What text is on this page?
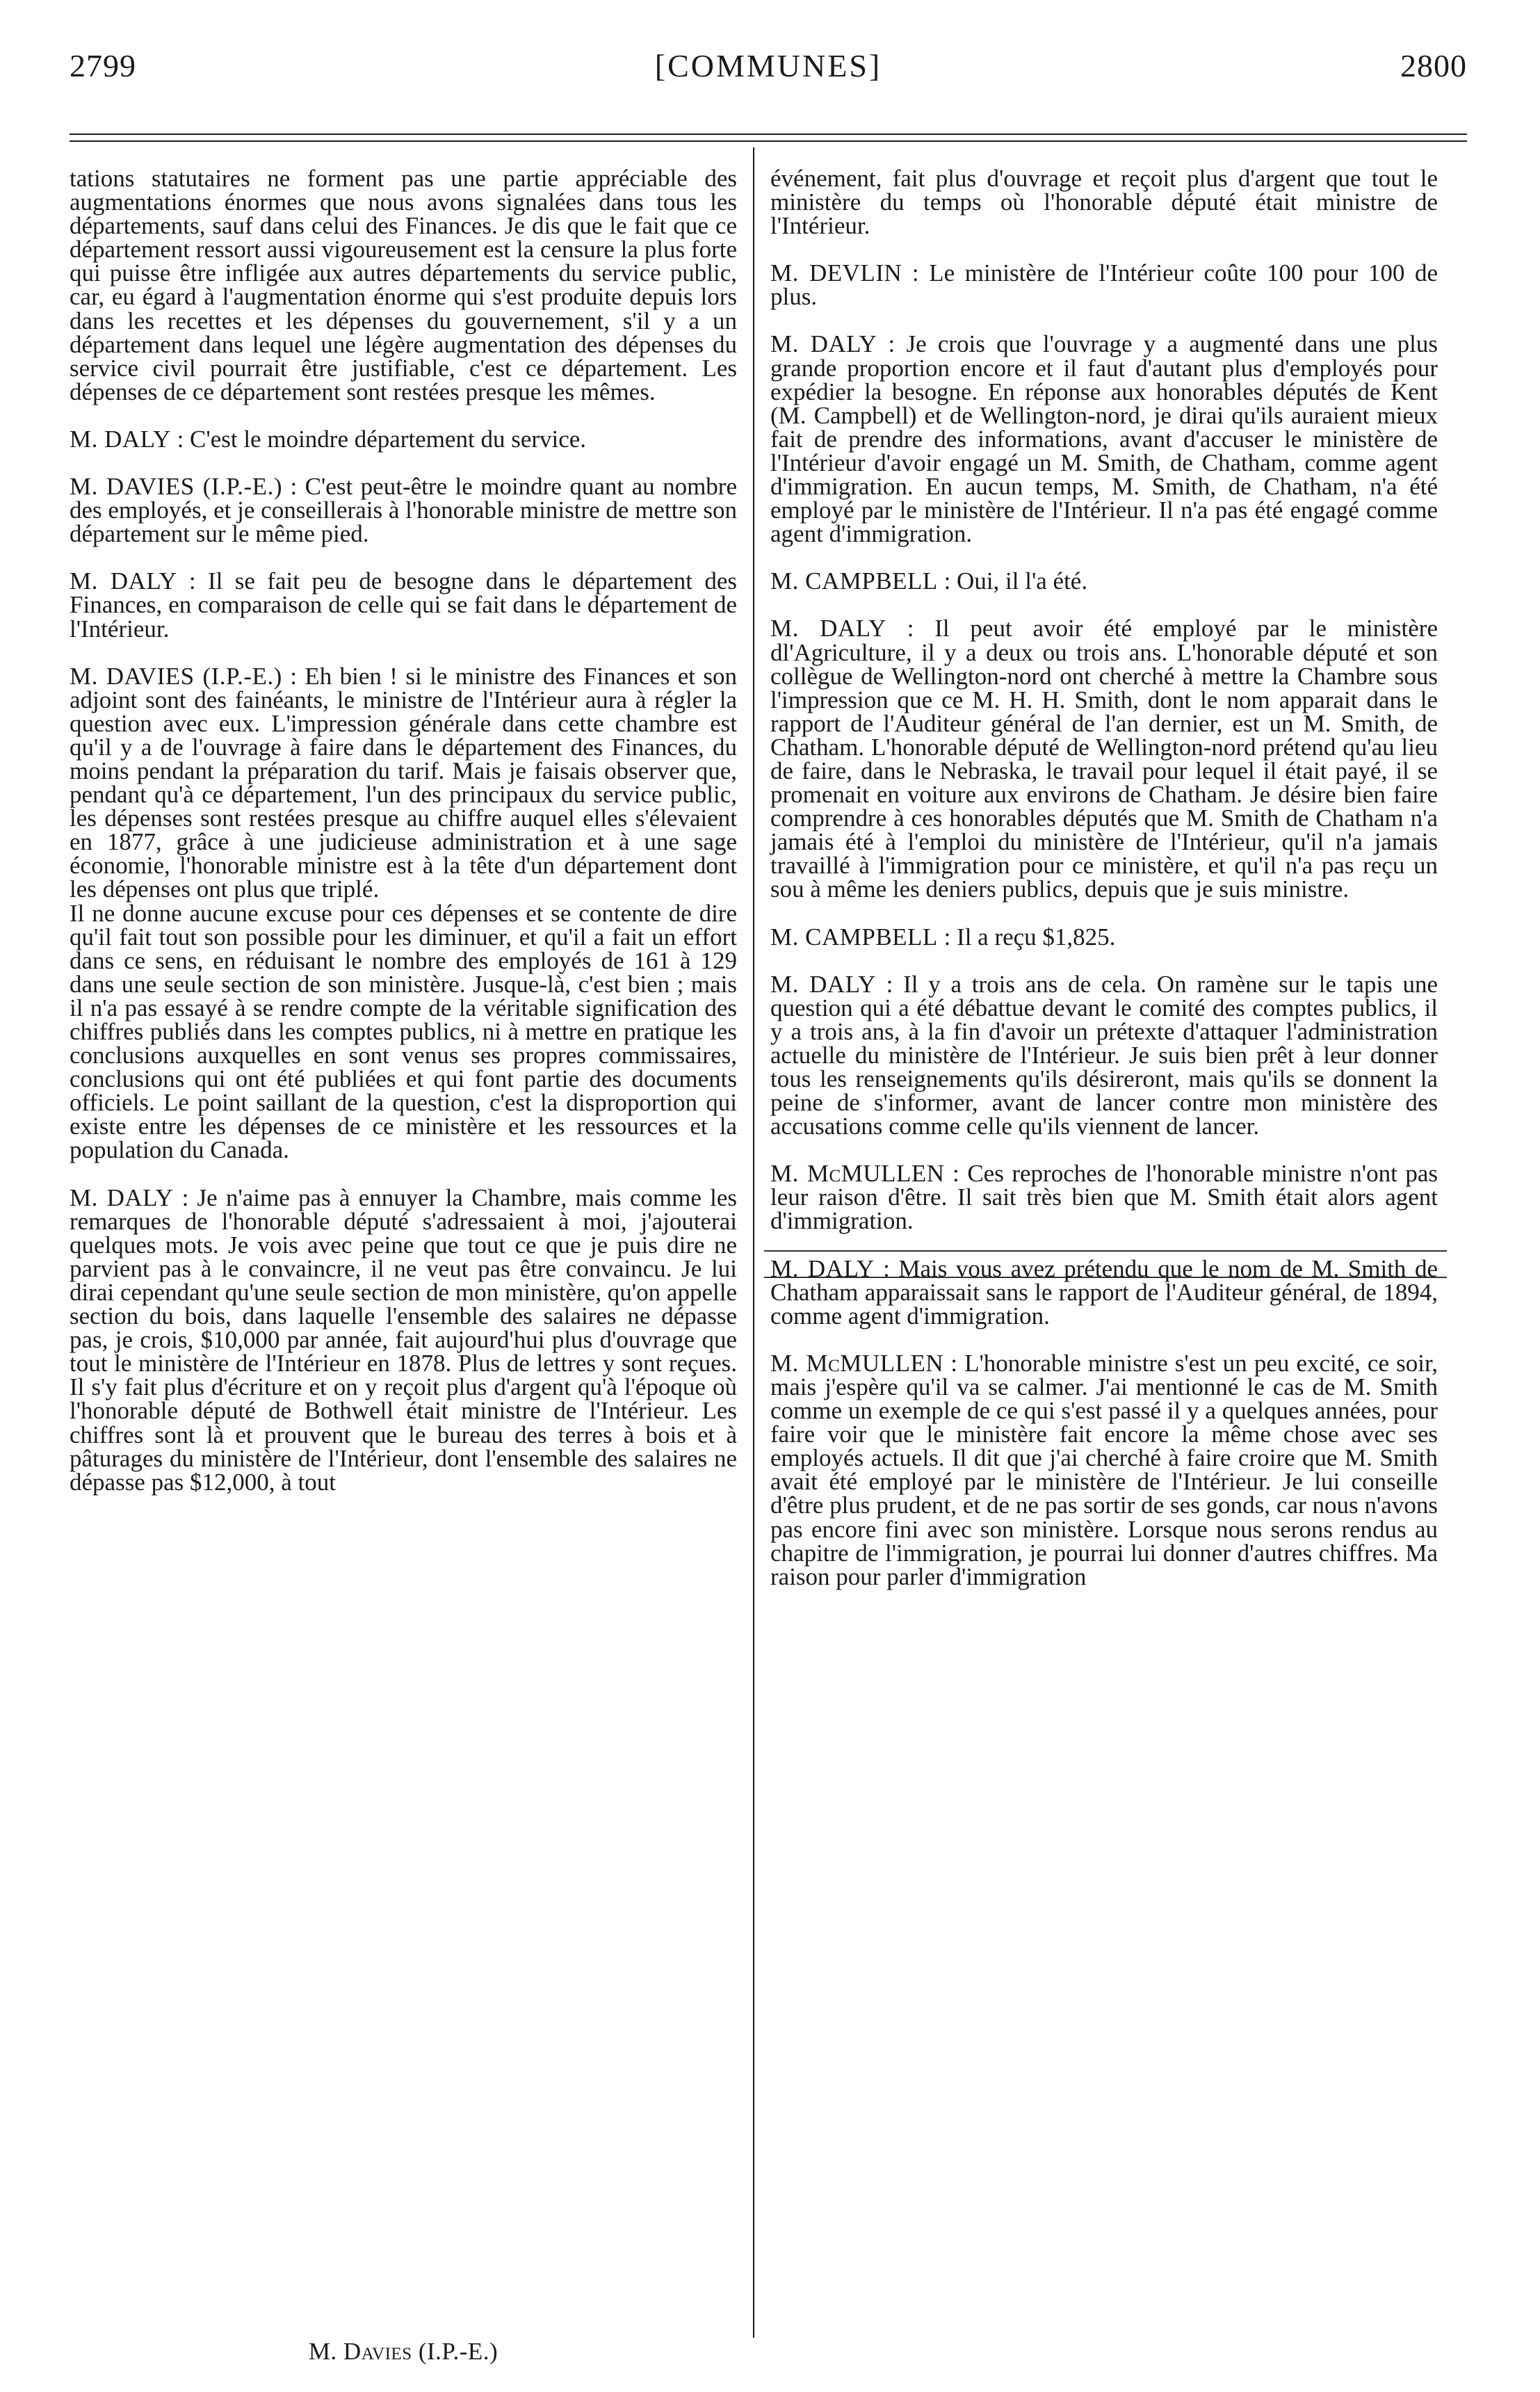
2799	[COMMUNES]	2800

tations statutaires ne forment pas une partie appréciable des augmentations énormes que nous avons signalées dans tous les départements, sauf dans celui des Finances. Je dis que le fait que ce département ressort aussi vigoureusement est la censure la plus forte qui puisse être infligée aux autres départements du service public, car, eu égard à l'augmentation énorme qui s'est produite depuis lors dans les recettes et les dépenses du gouvernement, s'il y a un département dans lequel une légère augmentation des dépenses du service civil pourrait être justifiable, c'est ce département. Les dépenses de ce département sont restées presque les mêmes.

M. DALY : C'est le moindre département du service.

M. DAVIES (I.P.-E.) : C'est peut-être le moindre quant au nombre des employés, et je conseillerais à l'honorable ministre de mettre son département sur le même pied.

M. DALY : Il se fait peu de besogne dans le département des Finances, en comparaison de celle qui se fait dans le département de l'Intérieur.

M. DAVIES (I.P.-E.) : Eh bien ! si le ministre des Finances et son adjoint sont des fainéants, le ministre de l'Intérieur aura à régler la question avec eux. L'impression générale dans cette chambre est qu'il y a de l'ouvrage à faire dans le département des Finances, du moins pendant la préparation du tarif. Mais je faisais observer que, pendant qu'à ce département, l'un des principaux du service public, les dépenses sont restées presque au chiffre auquel elles s'élevaient en 1877, grâce à une judicieuse administration et à une sage économie, l'honorable ministre est à la tête d'un département dont les dépenses ont plus que triplé.

Il ne donne aucune excuse pour ces dépenses et se contente de dire qu'il fait tout son possible pour les diminuer, et qu'il a fait un effort dans ce sens, en réduisant le nombre des employés de 161 à 129 dans une seule section de son ministère. Jusque-là, c'est bien ; mais il n'a pas essayé à se rendre compte de la véritable signification des chiffres publiés dans les comptes publics, ni à mettre en pratique les conclusions auxquelles en sont venus ses propres commissaires, conclusions qui ont été publiées et qui font partie des documents officiels. Le point saillant de la question, c'est la disproportion qui existe entre les dépenses de ce ministère et les ressources et la population du Canada.

M. DALY : Je n'aime pas à ennuyer la Chambre, mais comme les remarques de l'honorable député s'adressaient à moi, j'ajouterai quelques mots. Je vois avec peine que tout ce que je puis dire ne parvient pas à le convaincre, il ne veut pas être convaincu. Je lui dirai cependant qu'une seule section de mon ministère, qu'on appelle section du bois, dans laquelle l'ensemble des salaires ne dépasse pas, je crois, $10,000 par année, fait aujourd'hui plus d'ouvrage que tout le ministère de l'Intérieur en 1878. Plus de lettres y sont reçues. Il s'y fait plus d'écriture et on y reçoit plus d'argent qu'à l'époque où l'honorable député de Bothwell était ministre de l'Intérieur. Les chiffres sont là et prouvent que le bureau des terres à bois et à pâturages du ministère de l'Intérieur, dont l'ensemble des salaires ne dépasse pas $12,000, à tout

M. Davies (I.P.-E.)

événement, fait plus d'ouvrage et reçoit plus d'argent que tout le ministère du temps où l'honorable député était ministre de l'Intérieur.

M. DEVLIN : Le ministère de l'Intérieur coûte 100 pour 100 de plus.

M. DALY : Je crois que l'ouvrage y a augmenté dans une plus grande proportion encore et il faut d'autant plus d'employés pour expédier la besogne. En réponse aux honorables députés de Kent (M. Campbell) et de Wellington-nord, je dirai qu'ils auraient mieux fait de prendre des informations, avant d'accuser le ministère de l'Intérieur d'avoir engagé un M. Smith, de Chatham, comme agent d'immigration. En aucun temps, M. Smith, de Chatham, n'a été employé par le ministère de l'Intérieur. Il n'a pas été engagé comme agent d'immigration.

M. CAMPBELL : Oui, il l'a été.

M. DALY : Il peut avoir été employé par le ministère dl'Agriculture, il y a deux ou trois ans. L'honorable député et son collègue de Wellington-nord ont cherché à mettre la Chambre sous l'impression que ce M. H. H. Smith, dont le nom apparait dans le rapport de l'Auditeur général de l'an dernier, est un M. Smith, de Chatham. L'honorable député de Wellington-nord prétend qu'au lieu de faire, dans le Nebraska, le travail pour lequel il était payé, il se promenait en voiture aux environs de Chatham. Je désire bien faire comprendre à ces honorables députés que M. Smith de Chatham n'a jamais été à l'emploi du ministère de l'Intérieur, qu'il n'a jamais travaillé à l'immigration pour ce ministère, et qu'il n'a pas reçu un sou à même les deniers publics, depuis que je suis ministre.

M. CAMPBELL : Il a reçu $1,825.

M. DALY : Il y a trois ans de cela. On ramène sur le tapis une question qui a été débattue devant le comité des comptes publics, il y a trois ans, à la fin d'avoir un prétexte d'attaquer l'administration actuelle du ministère de l'Intérieur. Je suis bien prêt à leur donner tous les renseignements qu'ils désireront, mais qu'ils se donnent la peine de s'informer, avant de lancer contre mon ministère des accusations comme celle qu'ils viennent de lancer.

M. McMULLEN : Ces reproches de l'honorable ministre n'ont pas leur raison d'être. Il sait très bien que M. Smith était alors agent d'immigration.

M. DALY : Mais vous avez prétendu que le nom de M. Smith de Chatham apparaissait sans le rapport de l'Auditeur général, de 1894, comme agent d'immigration.

M. McMULLEN : L'honorable ministre s'est un peu excité, ce soir, mais j'espère qu'il va se calmer. J'ai mentionné le cas de M. Smith comme un exemple de ce qui s'est passé il y a quelques années, pour faire voir que le ministère fait encore la même chose avec ses employés actuels. Il dit que j'ai cherché à faire croire que M. Smith avait été employé par le ministère de l'Intérieur. Je lui conseille d'être plus prudent, et de ne pas sortir de ses gonds, car nous n'avons pas encore fini avec son ministère. Lorsque nous serons rendus au chapitre de l'immigration, je pourrai lui donner d'autres chiffres. Ma raison pour parler d'immigration
